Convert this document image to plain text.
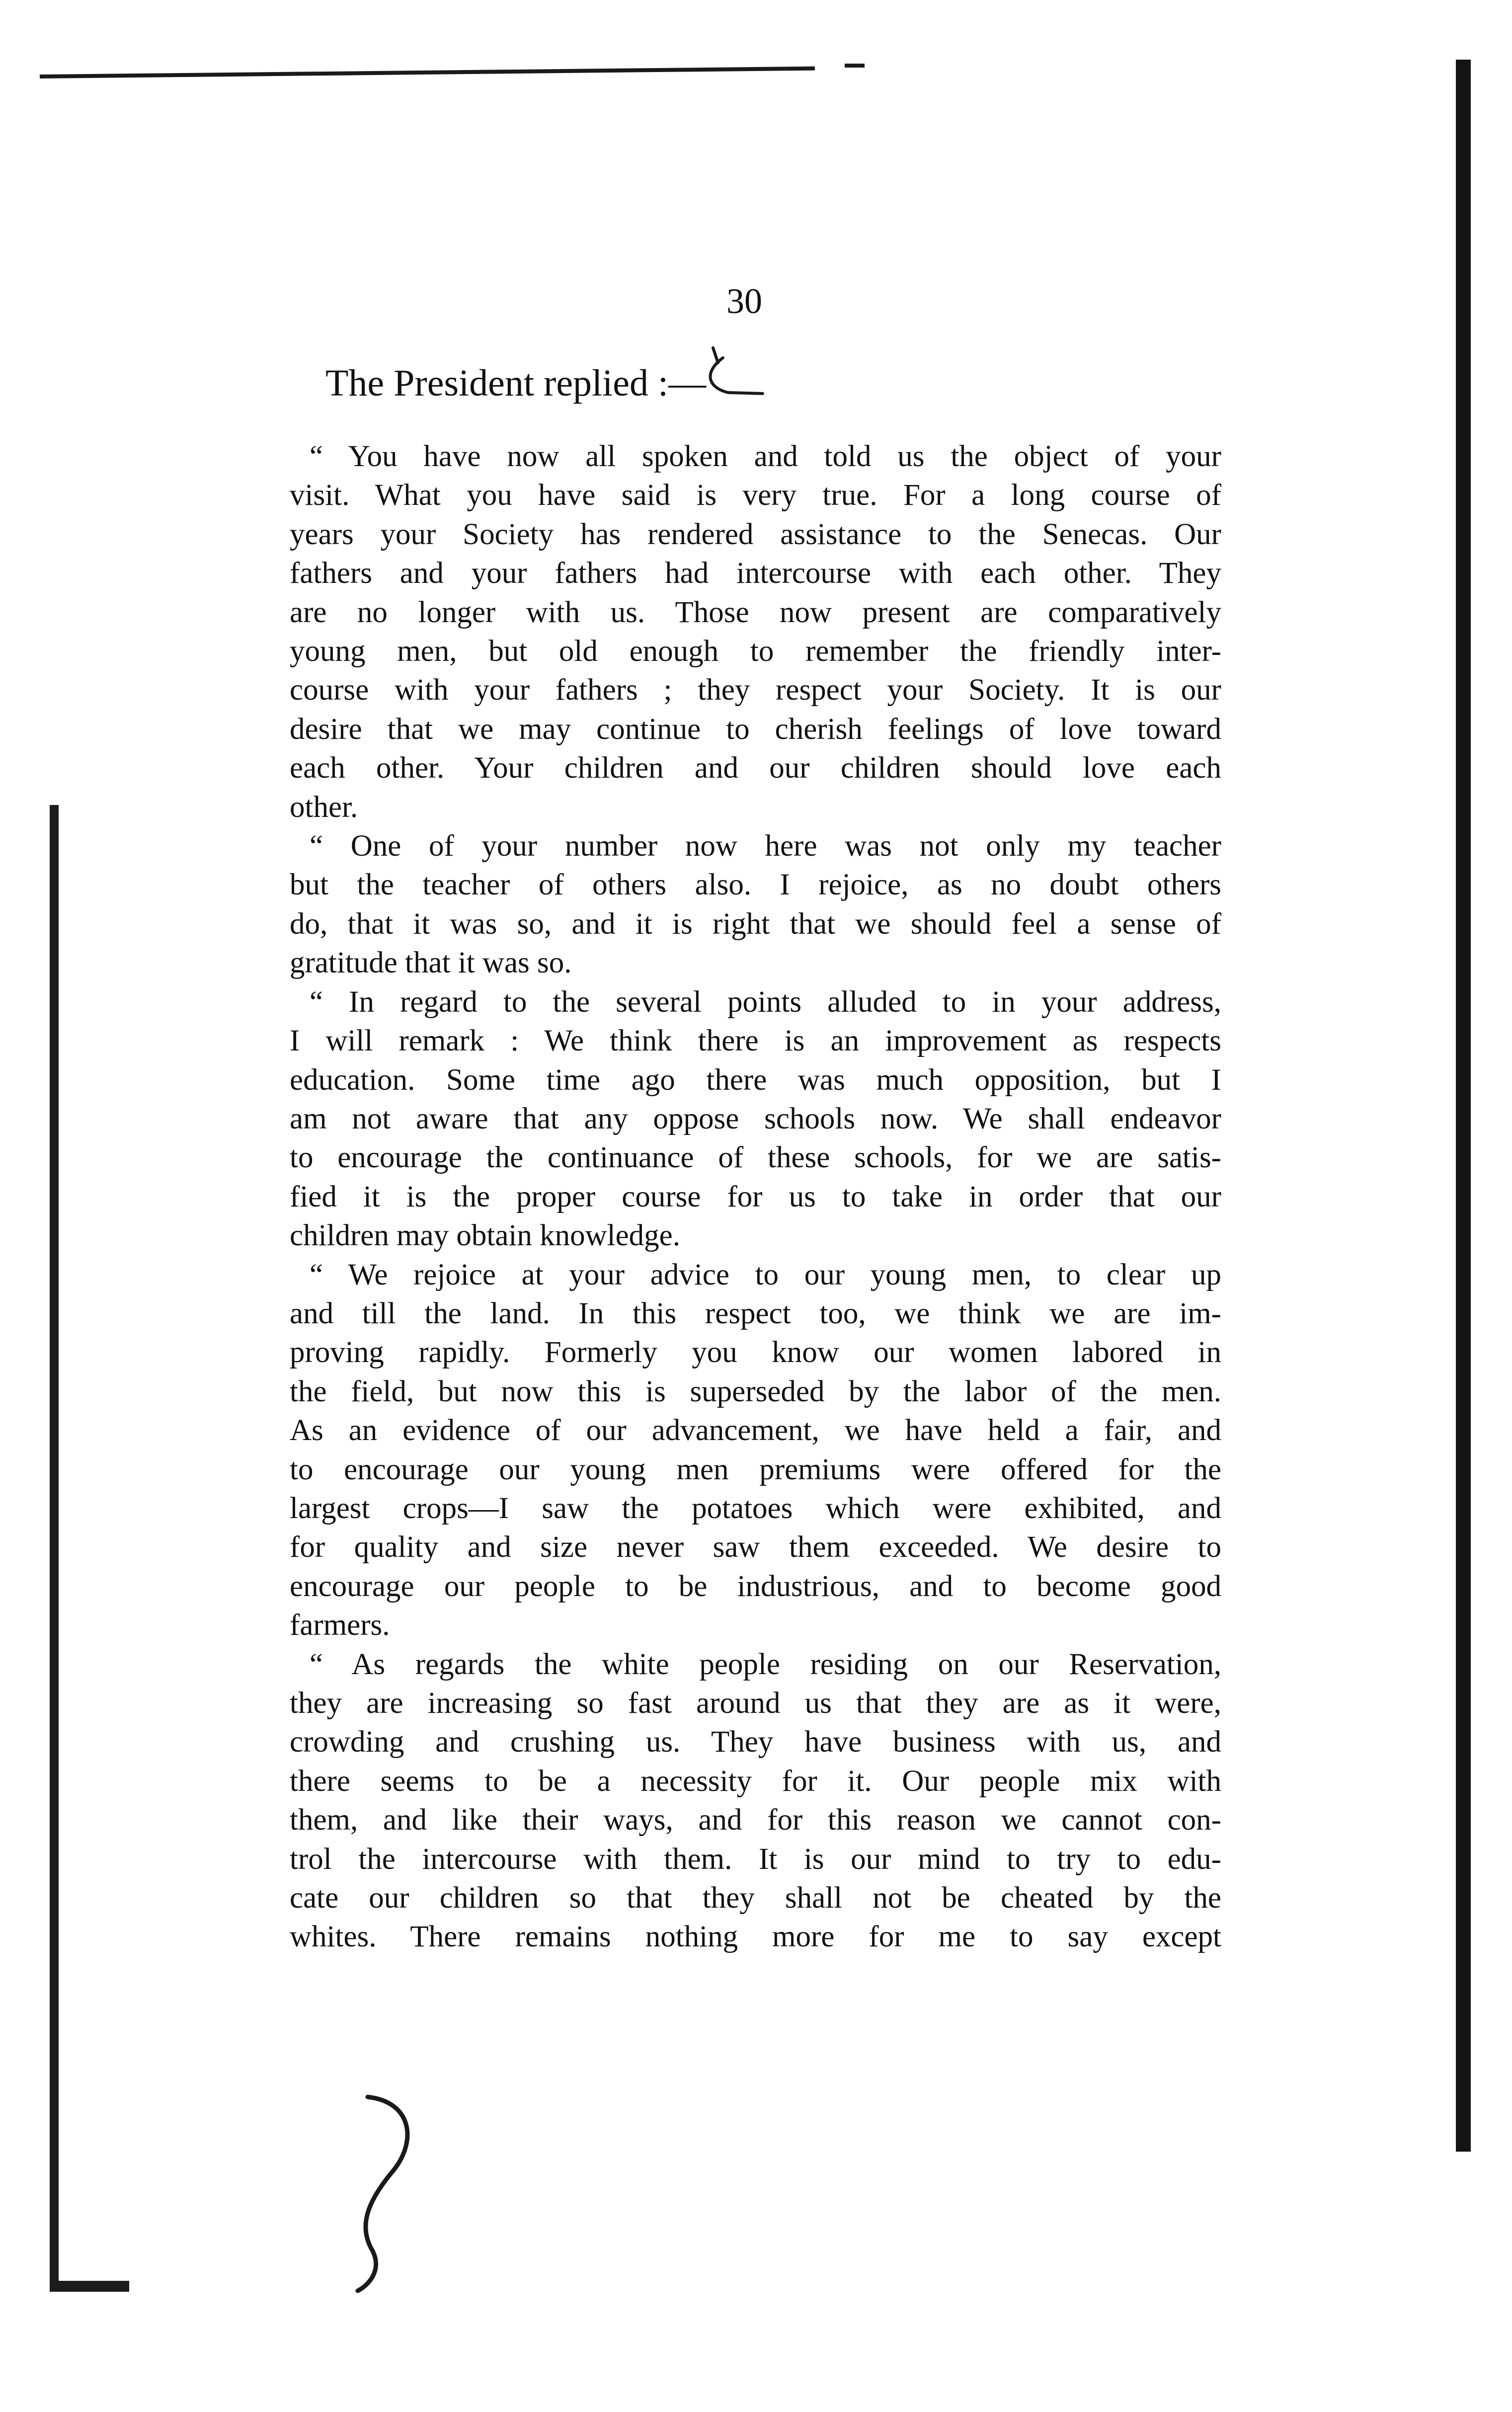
30
The President replied :—

“ You have now all spoken and told us the object of your
visit. What you have said is very true. For a long course of
years your Society has rendered assistance to the Senecas. Our
fathers and your fathers had intercourse with each other. They
are no longer with us. Those now present are comparatively
young men, but old enough to remember the friendly inter-
course with your fathers ; they respect your Society. It is our
desire that we may continue to cherish feelings of love toward
each other. Your children and our children should love each
other.

“ One of your number now here was not only my teacher
but the teacher of others also. I rejoice, as no doubt others
do, that it was so, and it is right that we should feel a sense of
gratitude that it was so.

“ In regard to the several points alluded to in your address,
I will remark : We think there is an improvement as respects
education. Some time ago there was much opposition, but I
am not aware that any oppose schools now. We shall endeavor
to encourage the continuance of these schools, for we are satis-
fied it is the proper course for us to take in order that our
children may obtain knowledge.

“ We rejoice at your advice to our young men, to clear up
and till the land. In this respect too, we think we are im-
proving rapidly. Formerly you know our women labored in
the field, but now this is superseded by the labor of the men.
As an evidence of our advancement, we have held a fair, and
to encourage our young men premiums were offered for the
largest crops—I saw the potatoes which were exhibited, and
for quality and size never saw them exceeded. We desire to
encourage our people to be industrious, and to become good
farmers.

“ As regards the white people residing on our Reservation,
they are increasing so fast around us that they are as it were,
crowding and crushing us. They have business with us, and
there seems to be a necessity for it. Our people mix with
them, and like their ways, and for this reason we cannot con-
trol the intercourse with them. It is our mind to try to edu-
cate our children so that they shall not be cheated by the
whites. There remains nothing more for me to say except
